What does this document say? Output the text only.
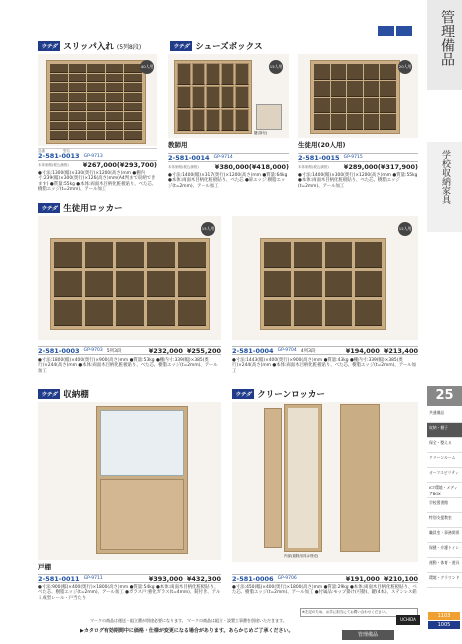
管理備品
学校収納家具
25
共通備品
収納・棚子
保全・整える
クリーンルーム
オーフスビリティ
ICT環境・メディアBOX
学校図書館
特別支援教室
職員室・事務関係
保健・介護トイレ
運動・体育・遊具
環境・グラウンド
ウチダ スリッパ入れ (5列8段)
40人用
品番	型名
2-581-0013 GP-9713
本体価格(税込価格) ¥267,000(¥293,700)
●寸法:1300(幅)×330(奥行)×1200(高さ)mm ●棚内寸:239(幅)×300(奥行)×126(高さ)mm(A4判まで収納できます) ●質量:55kg ●本体:両面木目柄化粧板貼り、ベた芯、樹脂エッジ(t=2mm)、アール加工
ウチダ シューズボックス
鍵(扉付)
15人用
教師用
2-581-0014 GP-9714
本体価格(税込価格) ¥380,000(¥418,000)
●寸法:1400(幅)×317(奥行)×1200(高さ)mm ●質量:64kg ●本体:両面木目柄化粧板貼り、ベた芯 ●扉エッジ:樹脂エッジ(t=2mm)、アール加工
20人用
生徒用(20人用)
2-581-0015 GP-9715
本体価格(税込価格) ¥289,000(¥317,900)
●寸法:1400(幅)×300(奥行)×1200(高さ)mm ●質量:55kg ●本体:両面木目柄化粧板貼り、ベた芯、樹脂エッジ(t=2mm)、アール加工
ウチダ 生徒用ロッカー
15人用
2-581-0003 GP-9703 5列3段	¥232,000 ¥255,200
●寸法:1800(幅)×400(奥行)×900(高さ)mm ●質量:53kg ●棚内寸:339(幅)×385(奥行)×244(高さ)mm ●本体:両面木目柄化粧板貼り、べた芯、樹脂エッジ(t=2mm)、アール加工
12人用
2-581-0004 GP-9704 4列3段	¥194,000 ¥213,400
●寸法:1443(幅)×400(奥行)×900(高さ)mm ●質量:43kg ●棚内寸:339(幅)×385(奥行)×244(高さ)mm ●本体:両面木目柄化粧板貼り、べた芯、樹脂エッジ(t=2mm)、アール加工
ウチダ 収納棚
戸棚
2-581-0011 GP-9711	¥393,000 ¥432,300
●寸法:900(幅)×400(奥行)×1800(高さ)mm ●質量:54kg ●本体:両面木目柄化粧板貼り、べた芯、樹脂エッジ(t=2mm)、アール加工 ●ガラス戸:強化ガラス(t=4mm)、錠付き、アルミ成型レール・戸当たり
ウチダ クリーンロッカー
内部(掃除用具は別売)
2-581-0006 GP-9706	¥191,000 ¥210,100
●寸法:450(幅)×400(奥行)×1800(高さ)mm ●質量:29kg ●本体:両面木目柄化粧板貼り、べた芯、樹脂エッジ(t=2mm)、アール加工 ●付属品:モップ掛け(可動)、鍵(4本)、ステンレス鉛
※左記のため、お手に担当にてお問い合わせください。
マークの商品は運送・組立費が別途必要になります。 マークの商品は組立・設置工事費を別途いただきます。
▶カタログ有効期間中に価格・仕様が変更になる場合があります。あらかじめご了承ください。
UCHIDA
管理備品
1103
1005
